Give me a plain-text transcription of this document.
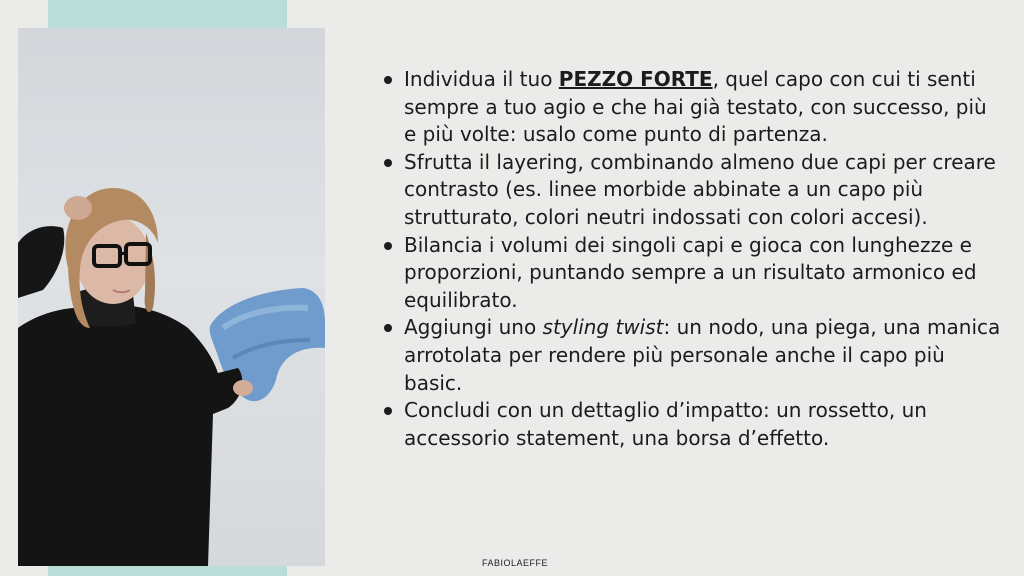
Individua il tuo PEZZO FORTE, quel capo con cui ti senti sempre a tuo agio e che hai già testato, con successo, più e più volte: usalo come punto di partenza.
Sfrutta il layering, combinando almeno due capi per creare contrasto (es. linee morbide abbinate a un capo più strutturato, colori neutri indossati con colori accesi).
Bilancia i volumi dei singoli capi e gioca con lunghezze e proporzioni, puntando sempre a un risultato armonico ed equilibrato.
Aggiungi uno styling twist: un nodo, una piega, una manica arrotolata per rendere più personale anche il capo più basic.
Concludi con un dettaglio d’impatto: un rossetto, un accessorio statement, una borsa d’effetto.
FABIOLAEFFE
